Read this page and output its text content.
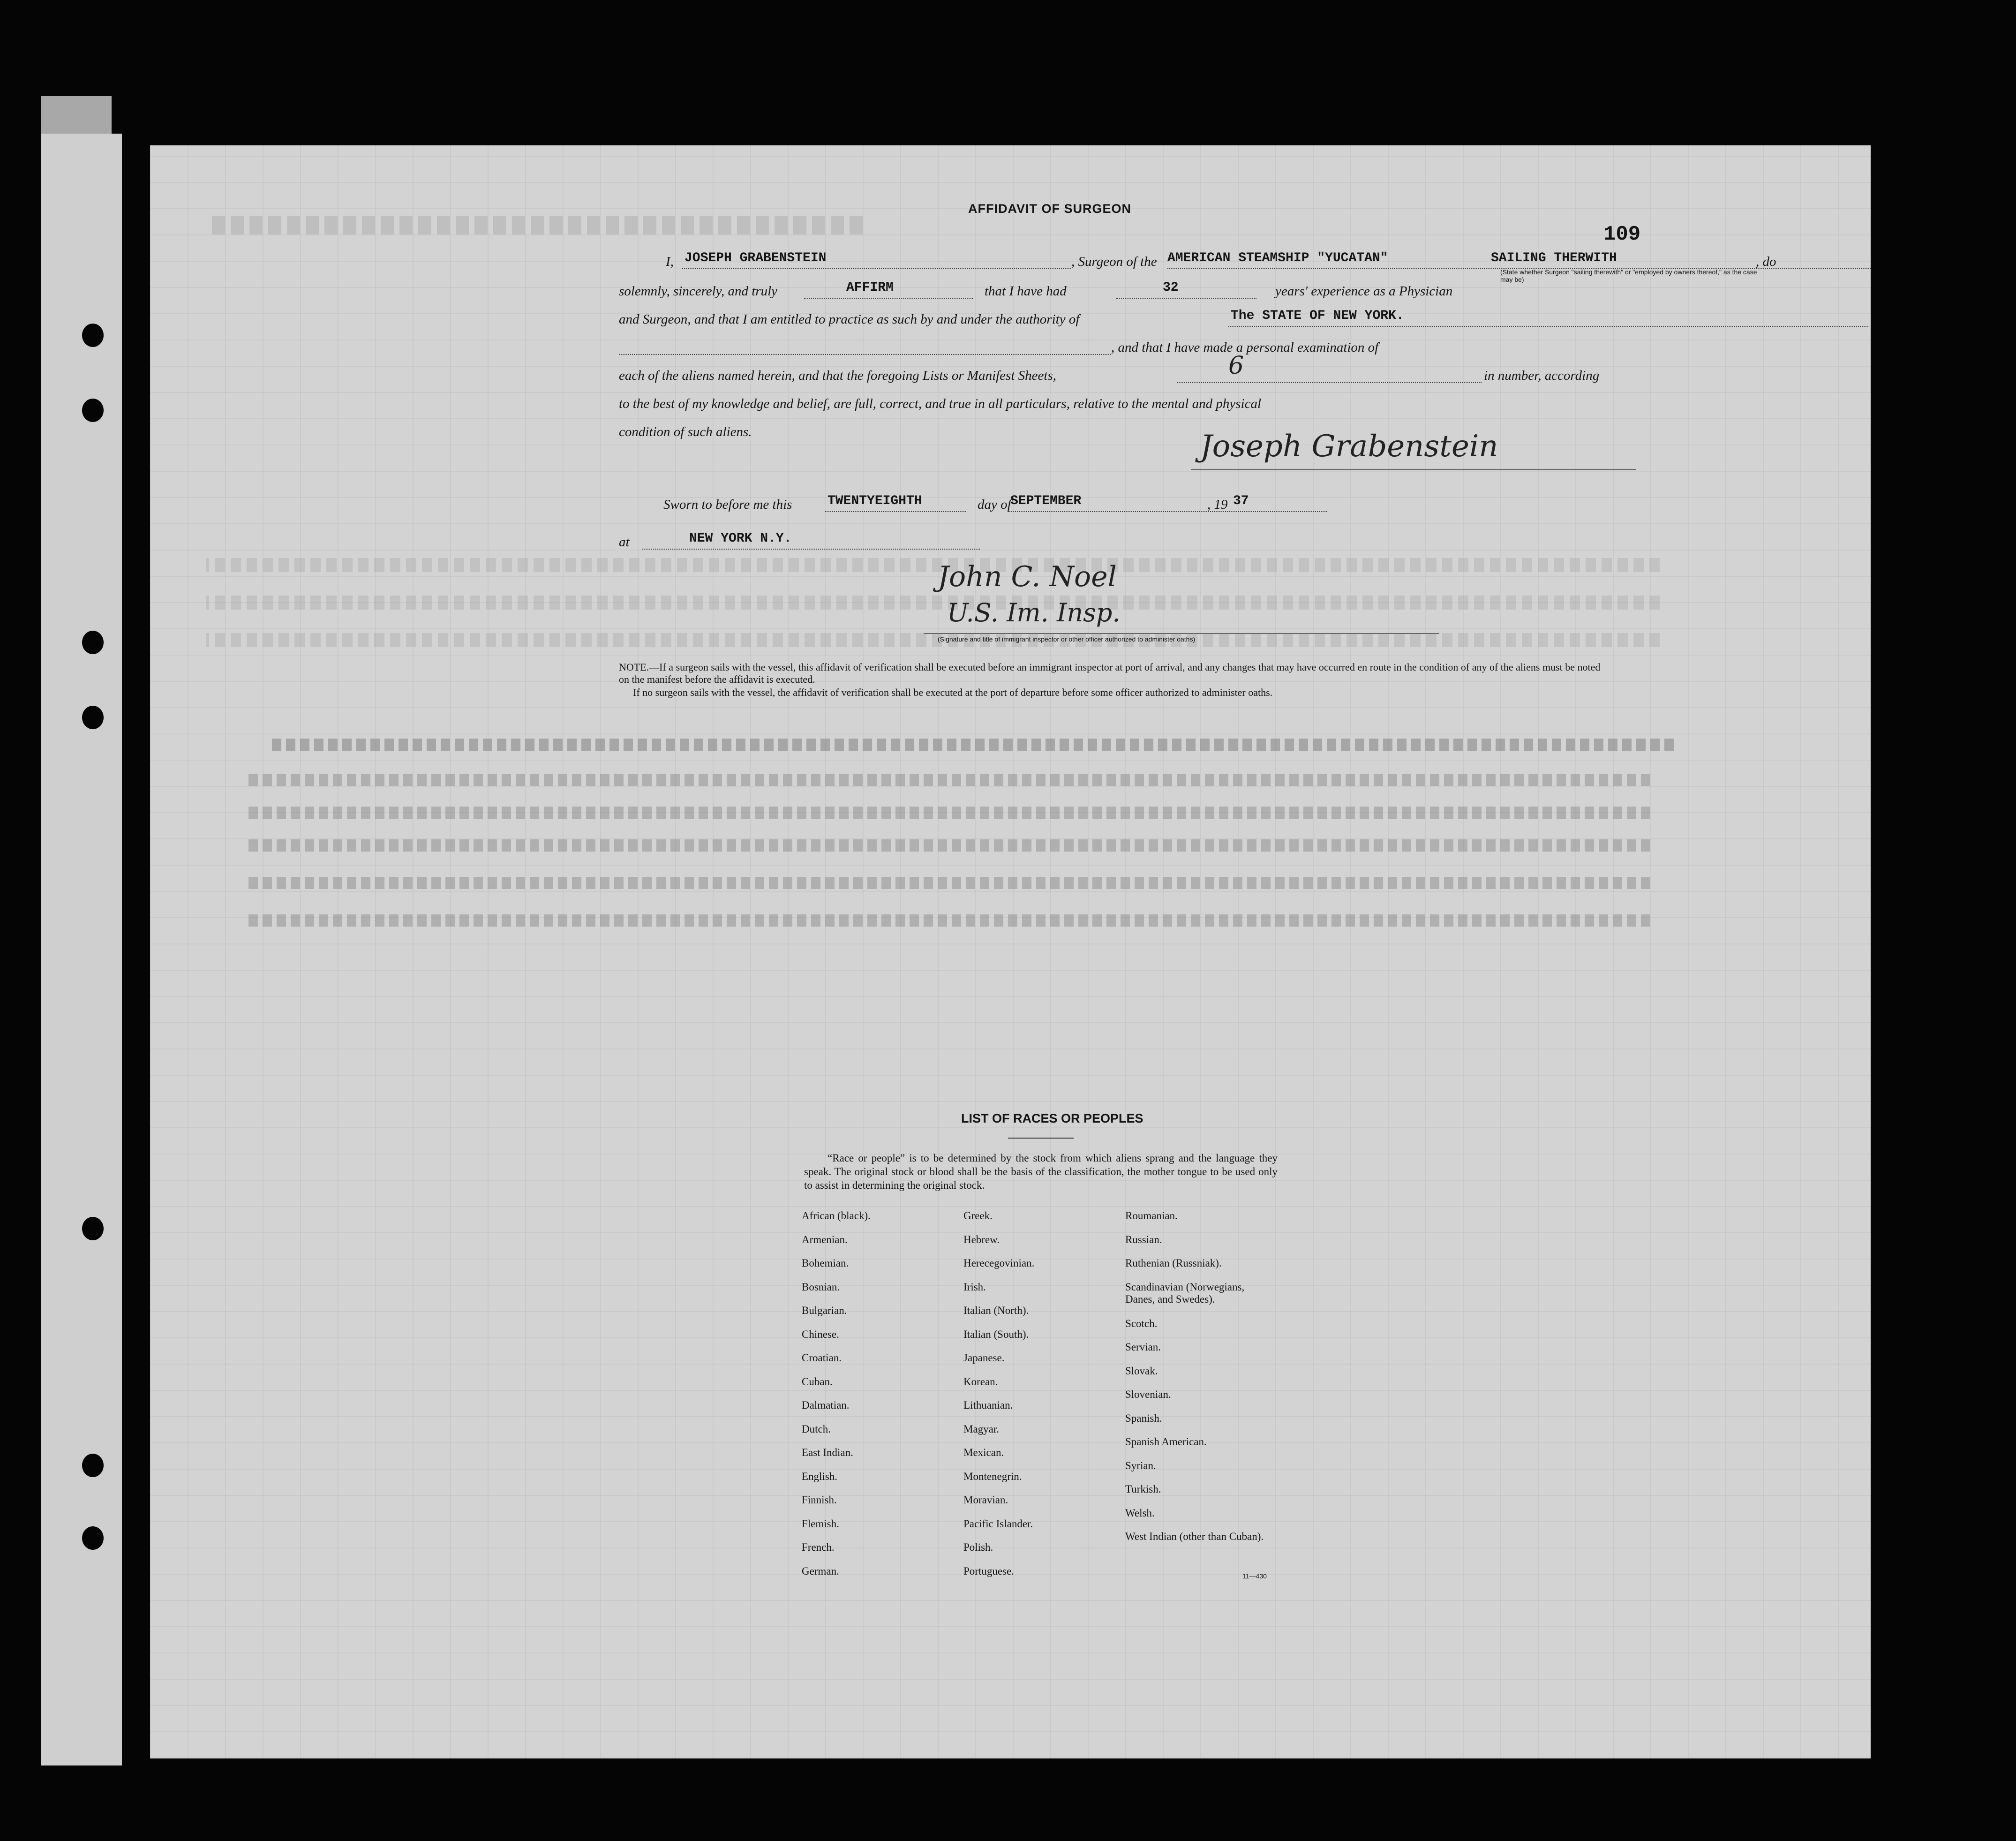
109
AFFIDAVIT OF SURGEON
I, JOSEPH GRABENSTEIN	, Surgeon of the AMERICAN STEAMSHIP "YUCATAN"	SAILING THERWITH	, do
(State whether Surgeon "sailing therewith" or "employed by owners thereof," as the case may be)
solemnly, sincerely, and truly	AFFIRM	that I have had	32	years' experience as a Physician
and Surgeon, and that I am entitled to practice as such by and under the authority of	The STATE OF NEW YORK.
, and that I have made a personal examination of
each of the aliens named herein, and that the foregoing Lists or Manifest Sheets,	6	in number, according
to the best of my knowledge and belief, are full, correct, and true in all particulars, relative to the mental and physical
condition of such aliens.	Joseph Grabenstein
Sworn to before me this	TWENTYEIGHTH	day of
SEPTEMBER	, 19 37
at	NEW YORK N.Y.
John C. Noel
U.S. Im. Insp.
(Signature and title of immigrant inspector or other officer authorized to administer oaths)
NOTE.—If a surgeon sails with the vessel, this affidavit of verification shall be executed before an immigrant inspector at port of arrival, and any changes that may have occurred en route in the condition of any of the aliens must be noted on the manifest before the affidavit is executed.
If no surgeon sails with the vessel, the affidavit of verification shall be executed at the port of departure before some officer authorized to administer oaths.
LIST OF RACES OR PEOPLES
“Race or people” is to be determined by the stock from which aliens sprang and the language they speak. The original stock or blood shall be the basis of the classification, the mother tongue to be used only to assist in determining the original stock.
African (black).
Armenian.
Bohemian.
Bosnian.
Bulgarian.
Chinese.
Croatian.
Cuban.
Dalmatian.
Dutch.
East Indian.
English.
Finnish.
Flemish.
French.
German.
Greek.
Hebrew.
Herecegovinian.
Irish.
Italian (North).
Italian (South).
Japanese.
Korean.
Lithuanian.
Magyar.
Mexican.
Montenegrin.
Moravian.
Pacific Islander.
Polish.
Portuguese.
Roumanian.
Russian.
Ruthenian (Russniak).
Scandinavian (Norwegians, Danes, and Swedes).
Scotch.
Servian.
Slovak.
Slovenian.
Spanish.
Spanish American.
Syrian.
Turkish.
Welsh.
West Indian (other than Cuban).
11—430
